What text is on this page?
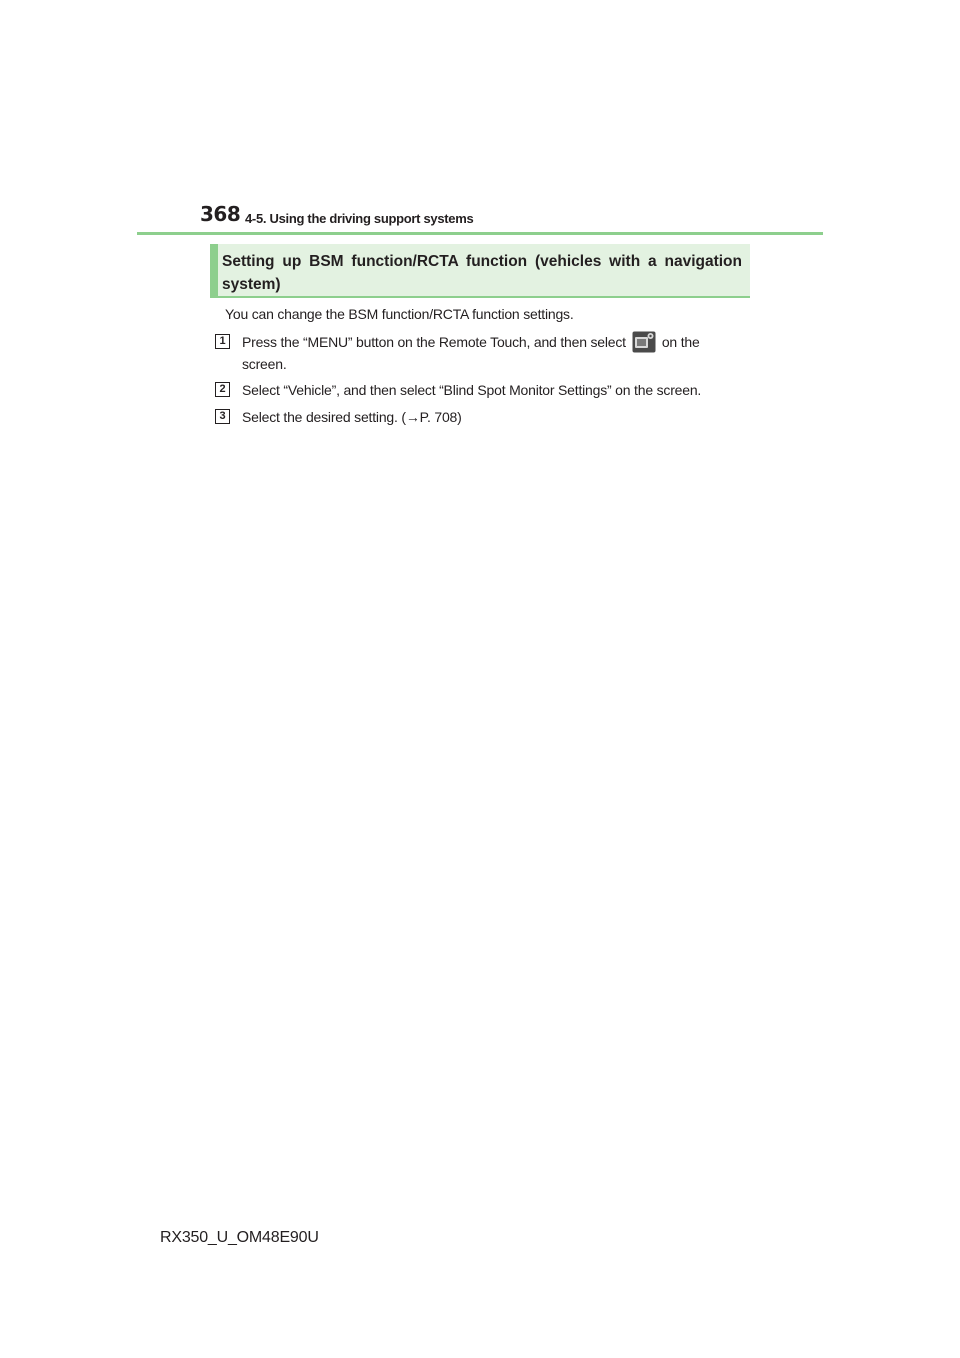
368 4-5. Using the driving support systems
Setting up BSM function/RCTA function (vehicles with a navigation system)
You can change the BSM function/RCTA function settings.
1	Press the “MENU” button on the Remote Touch, and then select	on the screen.
2	Select “Vehicle”, and then select “Blind Spot Monitor Settings” on the screen.
3	Select the desired setting. (→P. 708)
RX350_U_OM48E90U
